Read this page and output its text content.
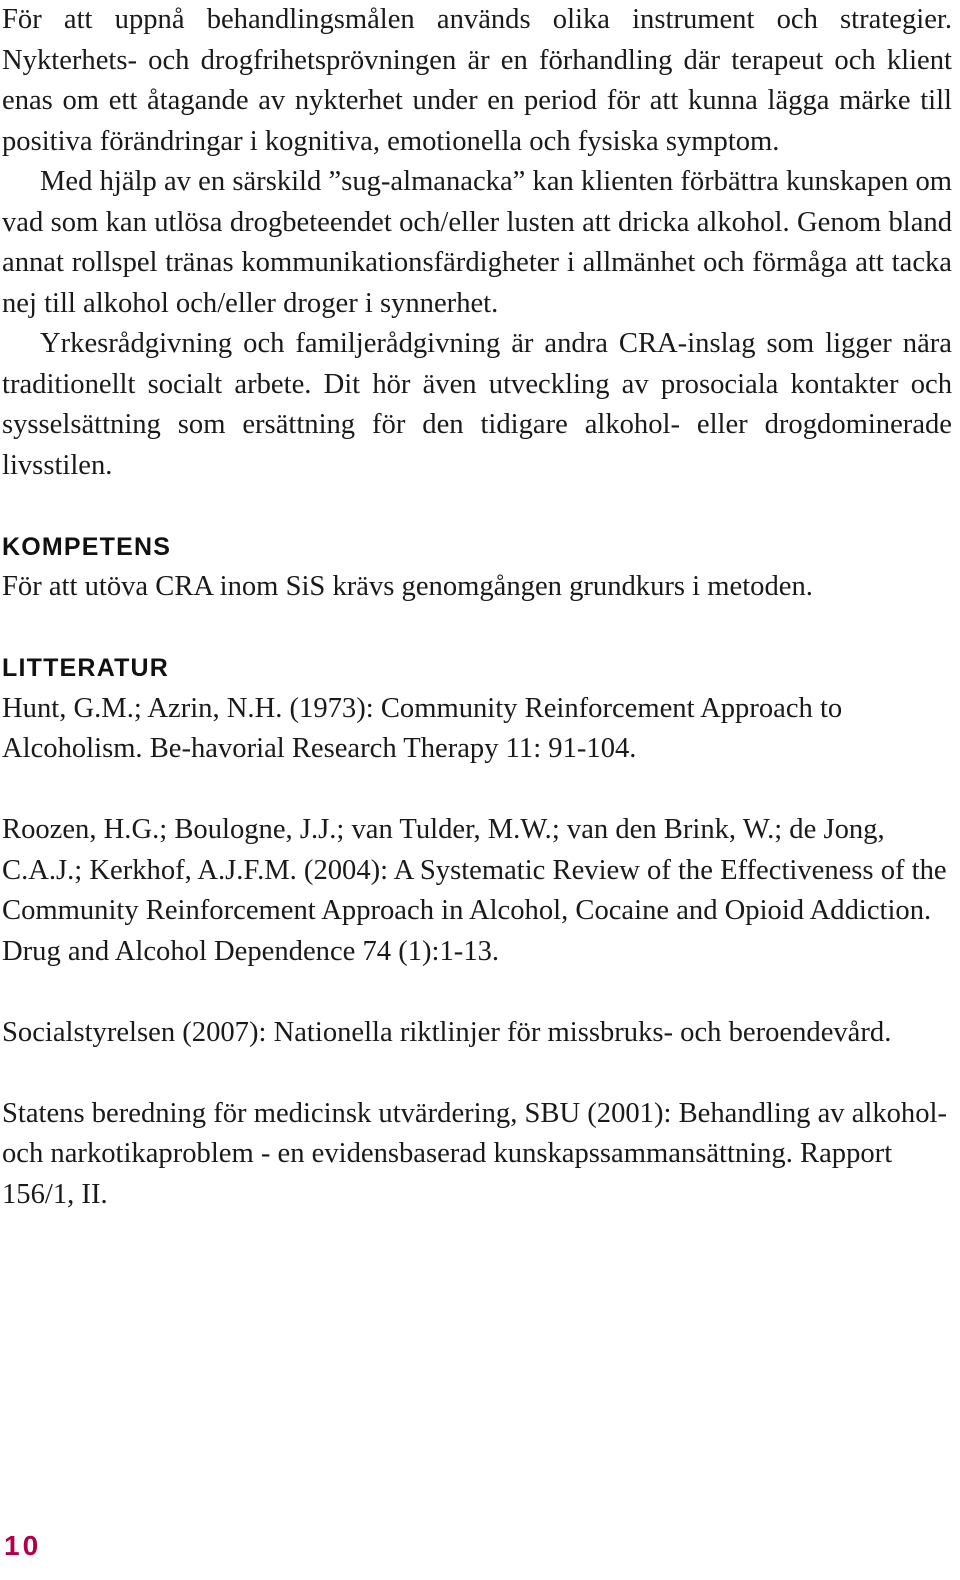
För att uppnå behandlingsmålen används olika instrument och strategier. Nykterhets- och drogfrihetsprövningen är en förhandling där terapeut och klient enas om ett åtagande av nykterhet under en period för att kunna lägga märke till positiva förändringar i kognitiva, emotionella och fysiska symptom.

Med hjälp av en särskild ”sug-almanacka” kan klienten förbättra kunskapen om vad som kan utlösa drogbeteendet och/eller lusten att dricka alkohol. Genom bland annat rollspel tränas kommunikationsfärdigheter i allmänhet och förmåga att tacka nej till alkohol och/eller droger i synnerhet.

Yrkesrådgivning och familjerådgivning är andra CRA-inslag som ligger nära traditionellt socialt arbete. Dit hör även utveckling av prosociala kontakter och sysselsättning som ersättning för den tidigare alkohol- eller drogdominerade livsstilen.

KOMPETENS

För att utöva CRA inom SiS krävs genomgången grundkurs i metoden.

LITTERATUR

Hunt, G.M.; Azrin, N.H. (1973): Community Reinforcement Approach to Alcoholism. Be-havorial Research Therapy 11: 91-104.

Roozen, H.G.; Boulogne, J.J.; van Tulder, M.W.; van den Brink, W.; de Jong, C.A.J.; Kerkhof, A.J.F.M. (2004): A Systematic Review of the Effectiveness of the Community Reinforcement Approach in Alcohol, Cocaine and Opioid Addiction. Drug and Alcohol Dependence 74 (1):1-13.

Socialstyrelsen (2007): Nationella riktlinjer för missbruks- och beroendevård.

Statens beredning för medicinsk utvärdering, SBU (2001): Behandling av alkohol- och narkotikaproblem - en evidensbaserad kunskapssammansättning. Rapport 156/1, II.

10
